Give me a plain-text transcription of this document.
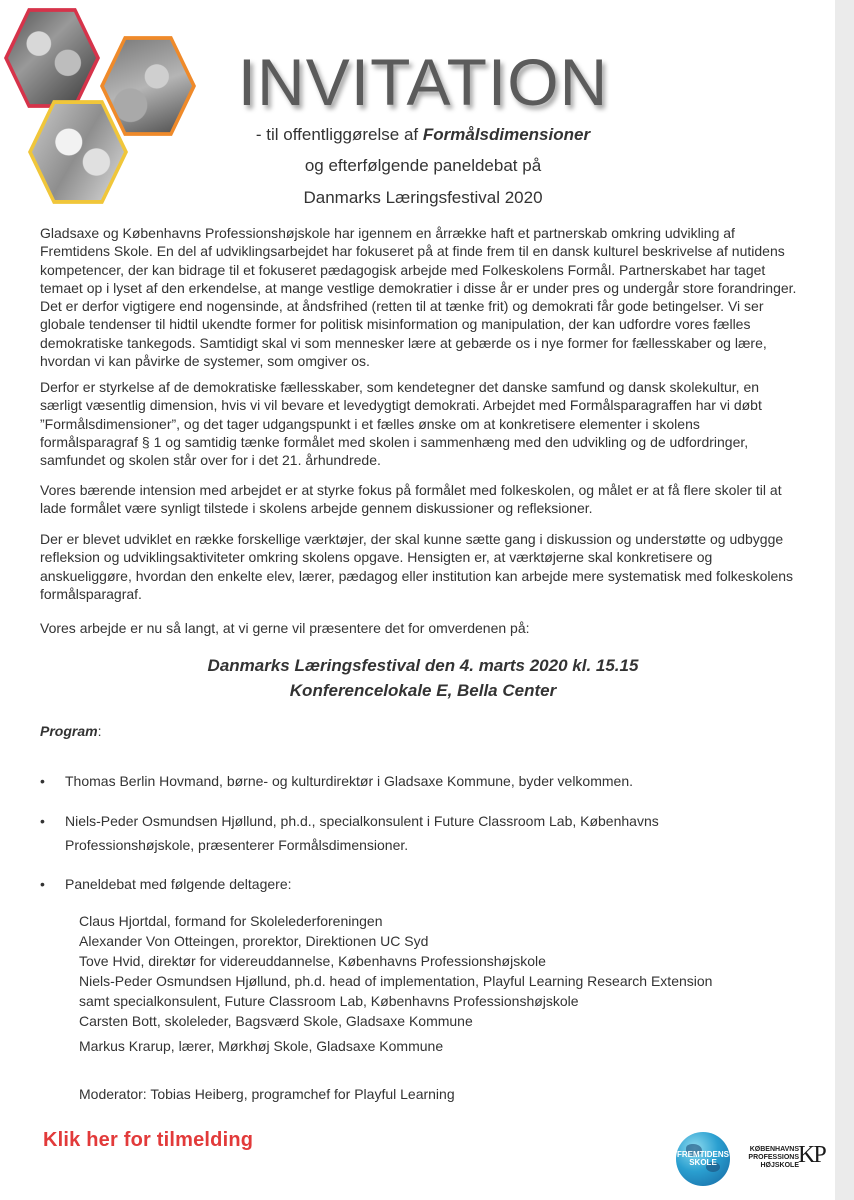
INVITATION
- til offentliggørelse af Formålsdimensioner
og efterfølgende paneldebat på
Danmarks Læringsfestival 2020
Gladsaxe og Københavns Professionshøjskole har igennem en årrække haft et partnerskab omkring udvikling af Fremtidens Skole. En del af udviklingsarbejdet har fokuseret på at finde frem til en dansk kulturel beskrivelse af nutidens kompetencer, der kan bidrage til et fokuseret pædagogisk arbejde med Folkeskolens Formål. Partnerskabet har taget temaet op i lyset af den erkendelse, at mange vestlige demokratier i disse år er under pres og undergår store forandringer. Det er derfor vigtigere end nogensinde, at åndsfrihed (retten til at tænke frit) og demokrati får gode betingelser. Vi ser globale tendenser til hidtil ukendte former for politisk misinformation og manipulation, der kan udfordre vores fælles demokratiske tankegods. Samtidigt skal vi som mennesker lære at gebærde os i nye former for fællesskaber og lære, hvordan vi kan påvirke de systemer, som omgiver os.
Derfor er styrkelse af de demokratiske fællesskaber, som kendetegner det danske samfund og dansk skolekultur, en særligt væsentlig dimension, hvis vi vil bevare et levedygtigt demokrati. Arbejdet med Formålsparagraffen har vi døbt ”Formålsdimensioner”, og det tager udgangspunkt i et fælles ønske om at konkretisere elementer i skolens formålsparagraf § 1 og samtidig tænke formålet med skolen i sammenhæng med den udvikling og de udfordringer, samfundet og skolen står over for i det 21. århundrede.
Vores bærende intension med arbejdet er at styrke fokus på formålet med folkeskolen, og målet er at få flere skoler til at lade formålet være synligt tilstede i skolens arbejde gennem diskussioner og refleksioner.
Der er blevet udviklet en række forskellige værktøjer, der skal kunne sætte gang i diskussion og understøtte og udbygge refleksion og udviklingsaktiviteter omkring skolens opgave. Hensigten er, at værktøjerne skal konkretisere og anskueliggøre, hvordan den enkelte elev, lærer, pædagog eller institution kan arbejde mere systematisk med folkeskolens formålsparagraf.
Vores arbejde er nu så langt, at vi gerne vil præsentere det for omverdenen på:
Danmarks Læringsfestival den 4. marts 2020 kl. 15.15
Konferencelokale E, Bella Center
Program:
• Thomas Berlin Hovmand, børne- og kulturdirektør i Gladsaxe Kommune, byder velkommen.
• Niels-Peder Osmundsen Hjøllund, ph.d., specialkonsulent i Future Classroom Lab, Københavns
Professionshøjskole, præsenterer Formålsdimensioner.
• Paneldebat med følgende deltagere:
Claus Hjortdal, formand for Skolelederforeningen
Alexander Von Otteingen, prorektor, Direktionen UC Syd
Tove Hvid, direktør for videreuddannelse, Københavns Professionshøjskole
Niels-Peder Osmundsen Hjøllund, ph.d. head of implementation, Playful Learning Research Extension
samt specialkonsulent, Future Classroom Lab, Københavns Professionshøjskole
Carsten Bott, skoleleder, Bagsværd Skole, Gladsaxe Kommune
Markus Krarup, lærer, Mørkhøj Skole, Gladsaxe Kommune
Moderator: Tobias Heiberg, programchef for Playful Learning
Klik her for tilmelding
FREMTIDENS
SKOLE
KØBENHAVNS
PROFESSIONS
HØJSKOLE KP
